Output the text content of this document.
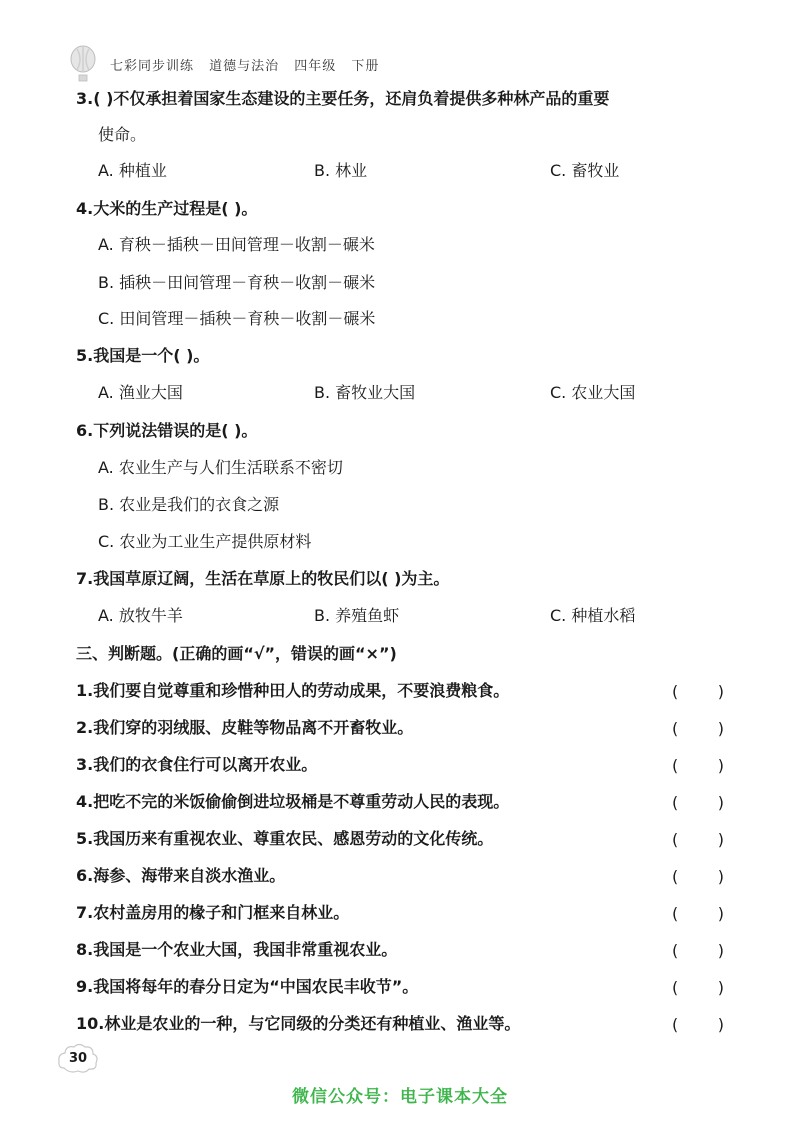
七彩同步训练 道德与法治 四年级 下册
3.( )不仅承担着国家生态建设的主要任务，还肩负着提供多种林产品的重要
使命。
A. 种植业	B. 林业	C. 畜牧业
4.大米的生产过程是( )。
A. 育秧－插秧－田间管理－收割－碾米
B. 插秧－田间管理－育秧－收割－碾米
C. 田间管理－插秧－育秧－收割－碾米
5.我国是一个( )。
A. 渔业大国	B. 畜牧业大国	C. 农业大国
6.下列说法错误的是( )。
A. 农业生产与人们生活联系不密切
B. 农业是我们的衣食之源
C. 农业为工业生产提供原材料
7.我国草原辽阔，生活在草原上的牧民们以( )为主。
A. 放牧牛羊	B. 养殖鱼虾	C. 种植水稻
三、判断题。(正确的画“√”，错误的画“×”)
1.我们要自觉尊重和珍惜种田人的劳动成果，不要浪费粮食。	( )
2.我们穿的羽绒服、皮鞋等物品离不开畜牧业。	( )
3.我们的衣食住行可以离开农业。	( )
4.把吃不完的米饭偷偷倒进垃圾桶是不尊重劳动人民的表现。	( )
5.我国历来有重视农业、尊重农民、感恩劳动的文化传统。	( )
6.海参、海带来自淡水渔业。	( )
7.农村盖房用的椽子和门框来自林业。	( )
8.我国是一个农业大国，我国非常重视农业。	( )
9.我国将每年的春分日定为“中国农民丰收节”。	( )
10.林业是农业的一种，与它同级的分类还有种植业、渔业等。	( )
30
微信公众号：电子课本大全
